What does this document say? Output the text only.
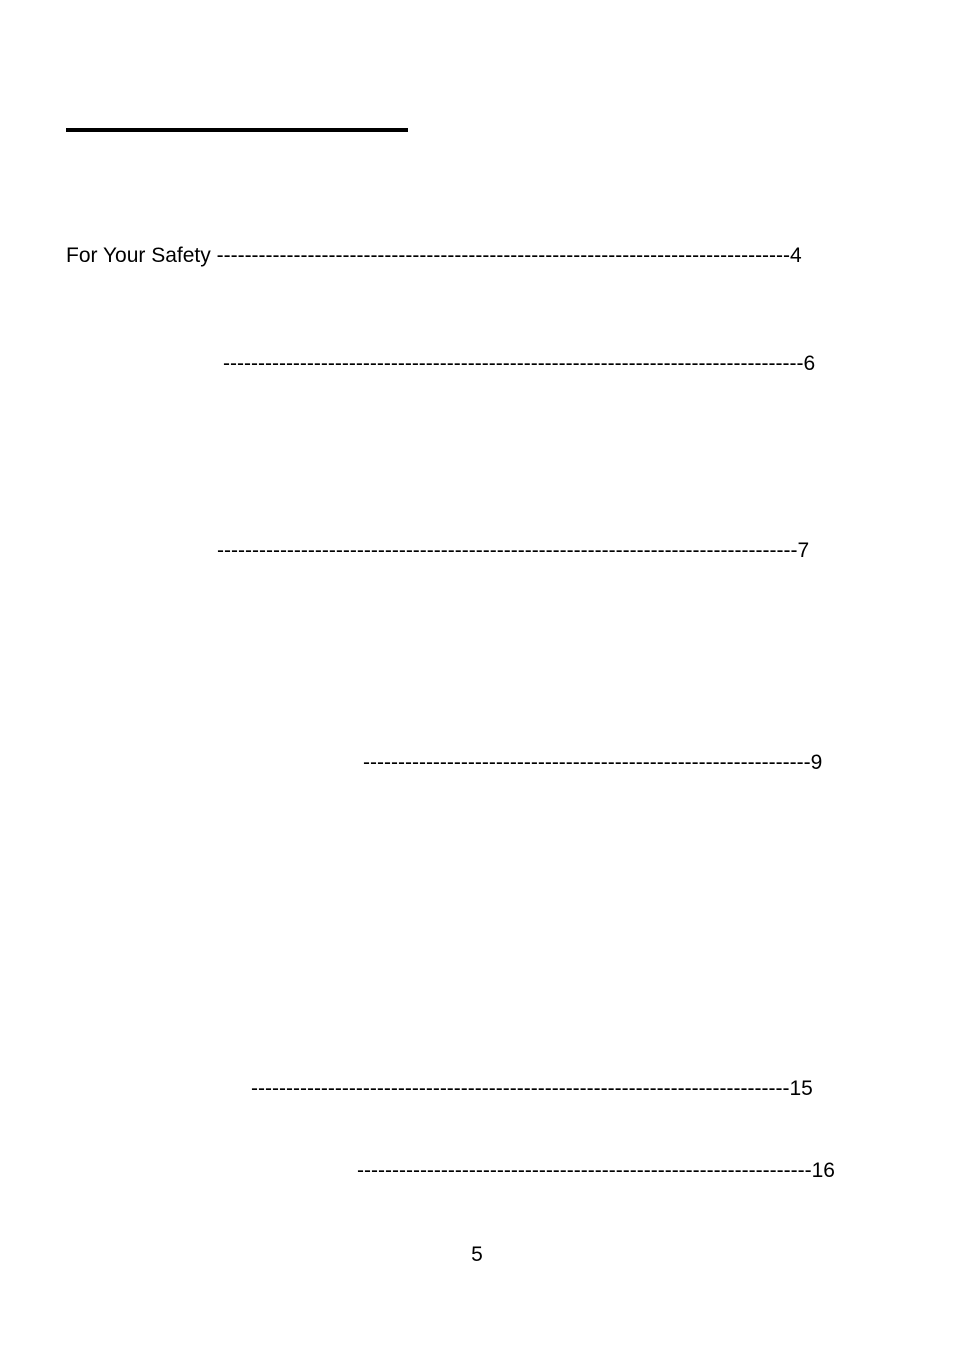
For Your Safety ----------------------------------------------------------------------------------4
-----------------------------------------------------------------------------------6
-----------------------------------------------------------------------------------7
----------------------------------------------------------------9
-----------------------------------------------------------------------------15
-----------------------------------------------------------------16
5
